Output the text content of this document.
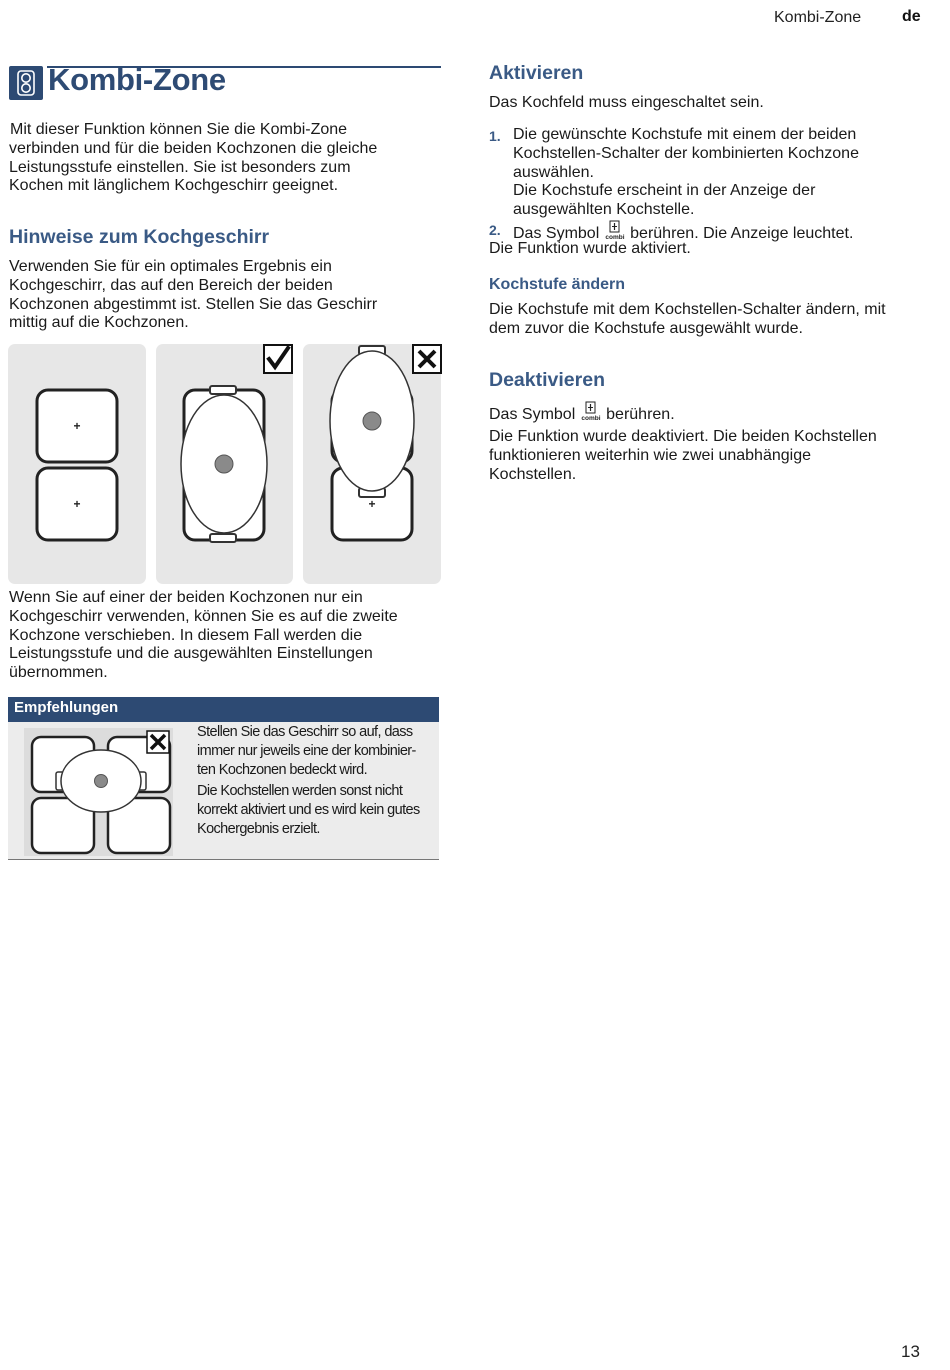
Kombi-Zone	de
Kombi-Zone
Mit dieser Funktion können Sie die Kombi-Zone
verbinden und für die beiden Kochzonen die gleiche
Leistungsstufe einstellen. Sie ist besonders zum
Kochen mit länglichem Kochgeschirr geeignet.
Hinweise zum Kochgeschirr
Verwenden Sie für ein optimales Ergebnis ein
Kochgeschirr, das auf den Bereich der beiden
Kochzonen abgestimmt ist. Stellen Sie das Geschirr
mittig auf die Kochzonen.
+
+	+
Wenn Sie auf einer der beiden Kochzonen nur ein
Kochgeschirr verwenden, können Sie es auf die zweite
Kochzone verschieben. In diesem Fall werden die
Leistungsstufe und die ausgewählten Einstellungen
übernommen.
Empfehlungen
Stellen Sie das Geschirr so auf, dass
immer nur jeweils eine der kombinier-
ten Kochzonen bedeckt wird.
Die Kochstellen werden sonst nicht
korrekt aktiviert und es wird kein gutes
Kochergebnis erzielt.
Aktivieren
Das Kochfeld muss eingeschaltet sein.
1. Die gewünschte Kochstufe mit einem der beiden
Kochstellen-Schalter der kombinierten Kochzone
auswählen.
Die Kochstufe erscheint in der Anzeige der
ausgewählten Kochstelle.
2. Das Symbol combi berühren. Die Anzeige leuchtet.
Die Funktion wurde aktiviert.
Kochstufe ändern
Die Kochstufe mit dem Kochstellen-Schalter ändern, mit
dem zuvor die Kochstufe ausgewählt wurde.
Deaktivieren
Das Symbol combi berühren.
Die Funktion wurde deaktiviert. Die beiden Kochstellen
funktionieren weiterhin wie zwei unabhängige
Kochstellen.
13
